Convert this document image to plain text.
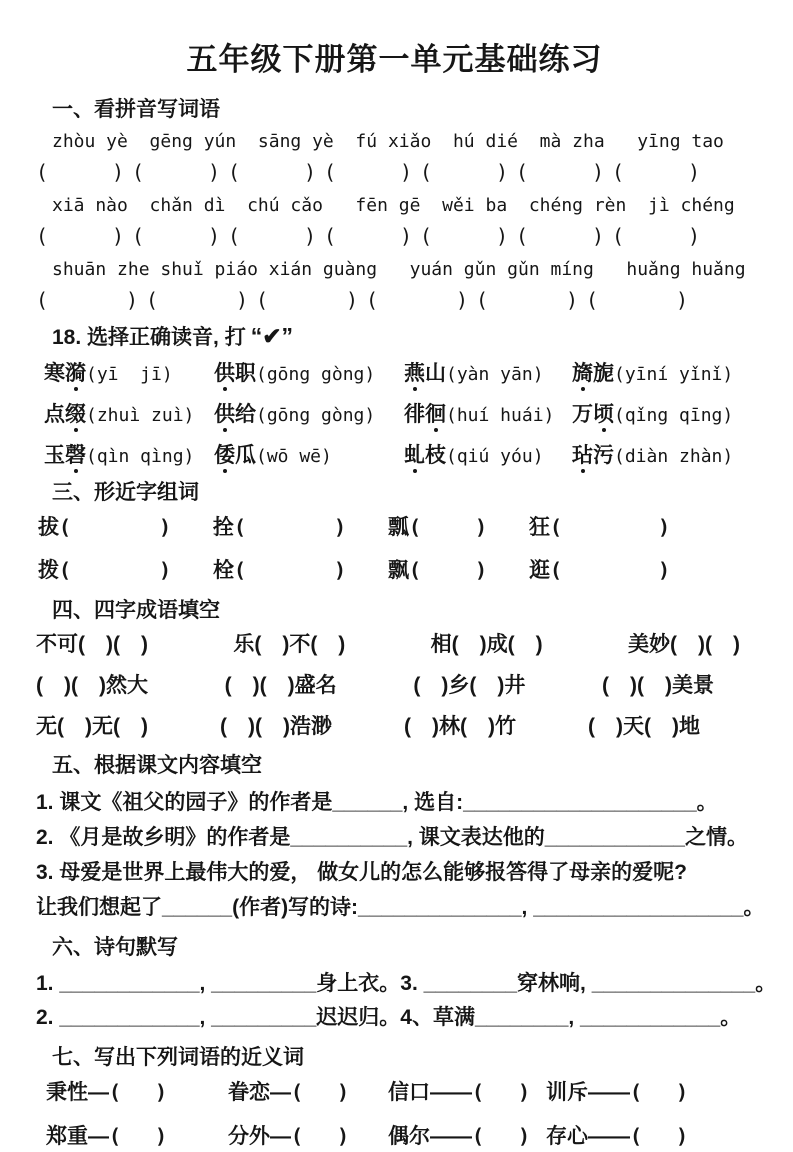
五年级下册第一单元基础练习
一、看拼音写词语
zhòu yè  gēng yún  sāng yè  fú xiǎo  hú dié  mà zha   yīng tao
(	) (	) (	) (	) (	) (	) (	)
xiā nào  chǎn dì  chú cǎo   fēn gē  wěi ba  chéng rèn  jì chéng
(	) (	) (	) (	) (	) (	) (	)
shuān zhe shuǐ piáo xián guàng   yuán gǔn gǔn míng   huǎng huǎng
(	) (	) (	) (	) (	) (	)
18. 选择正确读音, 打 “✔”
寒漪(yī  jī)	供职(gōng gòng)	燕山(yàn yān)	旖旎(yīní yǐnǐ)
点缀(zhuì zuì) 供给(gōng gòng)	徘徊(huí huái) 万顷(qǐng qīng)
玉磬(qìn qìng) 倭瓜(wō wē)	虬枝(qiú yóu)	玷污(diàn zhàn)
三、形近字组词
拔 (	) 拴 (	) 瓢 (	) 狂 (	)
拨 (	) 栓 (	) 飘 (	) 逛 (	)
四、四字成语填空
不可(　)(　)	乐(　)不(　)	相(　)成(　)	美妙(　)(　)
(　)(　)然大	(　)(　)盛名	(　)乡(　)井	(　)(　)美景
无(　)无(　)	(　)(　)浩渺	(　)林(　)竹	(　)天(　)地
五、根据课文内容填空
1. 课文《祖父的园子》的作者是______, 选自:____________________。
2. 《月是故乡明》的作者是__________, 课文表达他的____________之情。
3. 母爱是世界上最伟大的爱， 做女儿的怎么能够报答得了母亲的爱呢?
让我们想起了______(作者)写的诗:______________, __________________。
六、诗句默写
1. ____________, _________身上衣。3. ________穿林响, ______________。
2. ____________, _________迟迟归。4、草满________, ____________。
七、写出下列词语的近义词
秉性— ( )	眷恋— ( ) 信口—— ( ) 训斥—— ( )
郑重— ( )	分外— ( ) 偶尔—— ( ) 存心—— ( )
